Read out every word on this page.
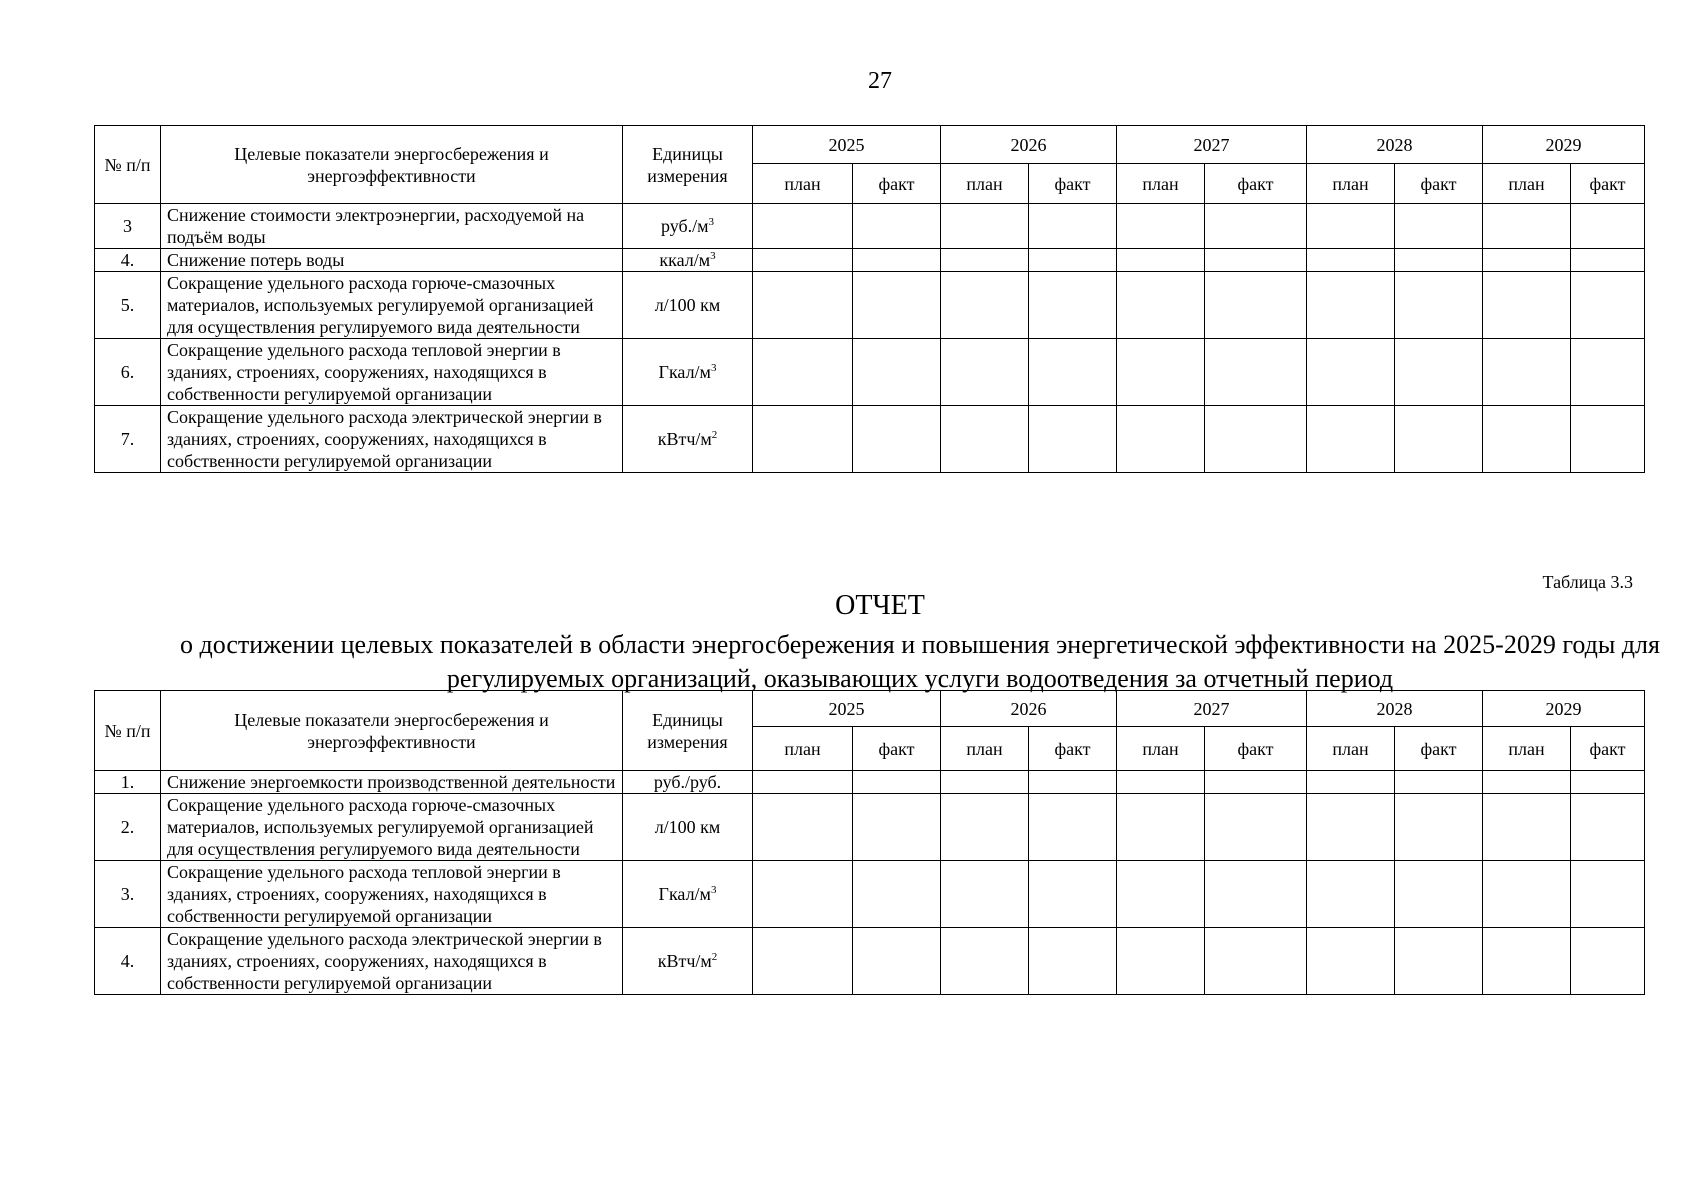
27
№ п/п	Целевые показатели энергосбережения и энергоэффективности	Единицы измерения	2025		2026		2027		2028		2029	
			план	факт	план	факт	план	факт	план	факт	план	факт
3	Снижение стоимости электроэнергии, расходуемой на подъём воды	$руб./м^3$										
4.	Снижение потерь воды	ккал/$м^3$										
5.	Сокращение удельного расхода горюче-смазочных материалов, используемых регулируемой организацией для осуществления регулируемого вида деятельности	л/100 км										
6.	Сокращение удельного расхода тепловой энергии в зданиях, строениях, сооружениях, находящихся в собственности регулируемой организации	Гкал/$м^3$										
7.	Сокращение удельного расхода электрической энергии в зданиях, строениях, сооружениях, находящихся в собственности регулируемой организации	кВтч/$м^2$										
Таблица 3.3
ОТЧЕТ
о достижении целевых показателей в области энергосбережения и повышения энергетической эффективности на 2025-2029 годы для регулируемых организаций, оказывающих услуги водоотведения за отчетный период
№ п/п	Целевые показатели энергосбережения и энергоэффективности	Единицы измерения	2025		2026		2027		2028		2029	
			план	факт	план	факт	план	факт	план	факт	план	факт
1.	Снижение энергоемкости производственной деятельности	руб./руб.										
2.	Сокращение удельного расхода горюче-смазочных материалов, используемых регулируемой организацией для осуществления регулируемого вида деятельности	л/100 км										
3.	Сокращение удельного расхода тепловой энергии в зданиях, строениях, сооружениях, находящихся в собственности регулируемой организации	Гкал/$м^3$										
4.	Сокращение удельного расхода электрической энергии в зданиях, строениях, сооружениях, находящихся в собственности регулируемой организации	кВтч/$м^2$										
